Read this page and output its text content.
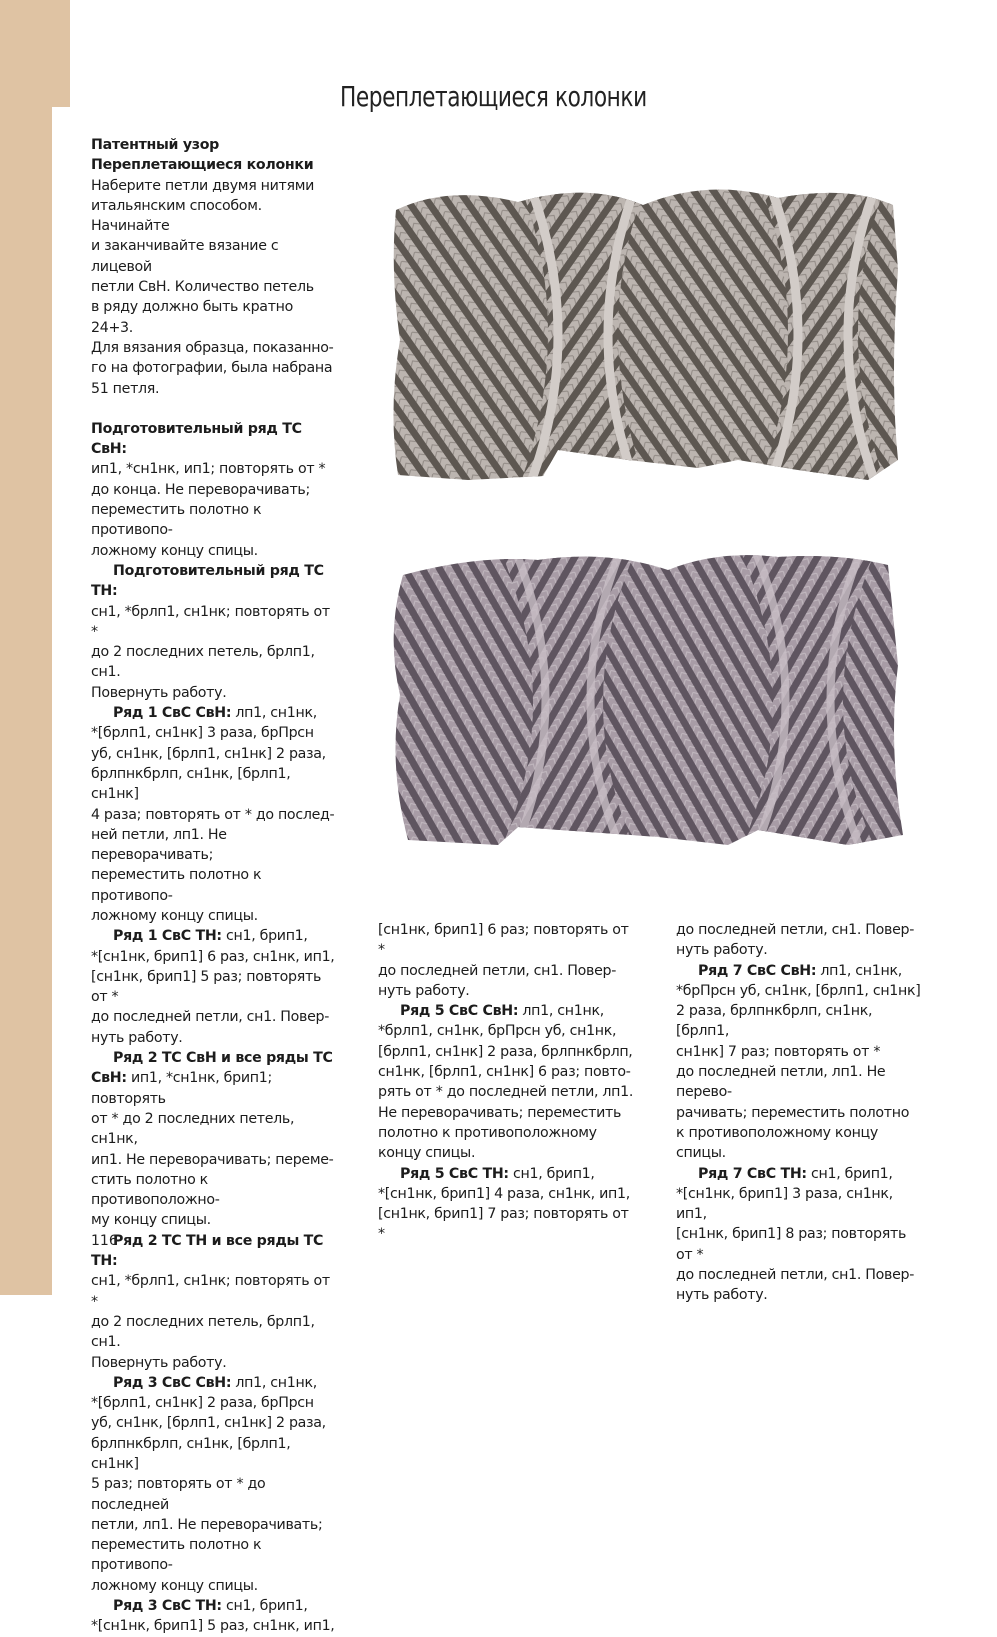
Переплетающиеся колонки

Патентный узор

Переплетающиеся колонки

Наберите петли двумя нитями

итальянским способом. Начинайте

и заканчивайте вязание с лицевой

петли СвН. Количество петель

в ряду должно быть кратно 24+3.

Для вязания образца, показанно-

го на фотографии, была набрана

51 петля.

Подготовительный ряд ТС СвН:

ип1, *сн1нк, ип1; повторять от *

до конца. Не переворачивать;

переместить полотно к противопо-

ложному концу спицы.

Подготовительный ряд ТС ТН:

сн1, *брлп1, сн1нк; повторять от *

до 2 последних петель, брлп1, сн1.

Повернуть работу.

Ряд 1 СвС СвН: лп1, сн1нк,

*[брлп1, сн1нк] 3 раза, брПрсн

уб, сн1нк, [брлп1, сн1нк] 2 раза,

брлпнкбрлп, сн1нк, [брлп1, сн1нк]

4 раза; повторять от * до послед-

ней петли, лп1. Не переворачивать;

переместить полотно к противопо-

ложному концу спицы.

Ряд 1 СвС ТН: сн1, брип1,

*[сн1нк, брип1] 6 раз, сн1нк, ип1,

[сн1нк, брип1] 5 раз; повторять от *

до последней петли, сн1. Повер-

нуть работу.

Ряд 2 ТС СвН и все ряды ТС

СвН: ип1, *сн1нк, брип1; повторять

от * до 2 последних петель, сн1нк,

ип1. Не переворачивать; переме-

стить полотно к противоположно-

му концу спицы.

Ряд 2 ТС ТН и все ряды ТС ТН:

сн1, *брлп1, сн1нк; повторять от *

до 2 последних петель, брлп1, сн1.

Повернуть работу.

Ряд 3 СвС СвН: лп1, сн1нк,

*[брлп1, сн1нк] 2 раза, брПрсн

уб, сн1нк, [брлп1, сн1нк] 2 раза,

брлпнкбрлп, сн1нк, [брлп1, сн1нк]

5 раз; повторять от * до последней

петли, лп1. Не переворачивать;

переместить полотно к противопо-

ложному концу спицы.

Ряд 3 СвС ТН: сн1, брип1,

*[сн1нк, брип1] 5 раз, сн1нк, ип1,

[сн1нк, брип1] 6 раз; повторять от *

до последней петли, сн1. Повер-

нуть работу.

Ряд 5 СвС СвН: лп1, сн1нк,

*брлп1, сн1нк, брПрсн уб, сн1нк,

[брлп1, сн1нк] 2 раза, брлпнкбрлп,

сн1нк, [брлп1, сн1нк] 6 раз; повто-

рять от * до последней петли, лп1.

Не переворачивать; переместить

полотно к противоположному

концу спицы.

Ряд 5 СвС ТН: сн1, брип1,

*[сн1нк, брип1] 4 раза, сн1нк, ип1,

[сн1нк, брип1] 7 раз; повторять от *

до последней петли, сн1. Повер-

нуть работу.

Ряд 7 СвС СвН: лп1, сн1нк,

*брПрсн уб, сн1нк, [брлп1, сн1нк]

2 раза, брлпнкбрлп, сн1нк, [брлп1,

сн1нк] 7 раз; повторять от *

до последней петли, лп1. Не перево-

рачивать; переместить полотно

к противоположному концу спицы.

Ряд 7 СвС ТН: сн1, брип1,

*[сн1нк, брип1] 3 раза, сн1нк, ип1,

[сн1нк, брип1] 8 раз; повторять от *

до последней петли, сн1. Повер-

нуть работу.

116
